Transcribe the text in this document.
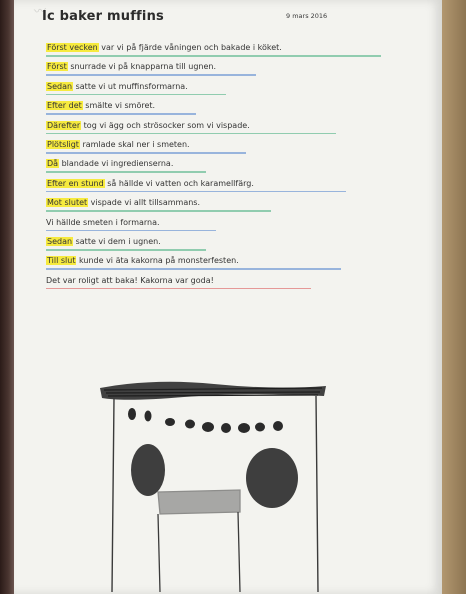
〰
Ic baker muffins	9 mars 2016
Först vecken var vi på fjärde våningen och bakade i köket.
Först snurrade vi på knapparna till ugnen.
Sedan satte vi ut muffinsformarna.
Efter det smälte vi smöret.
Därefter tog vi ägg och strösocker som vi vispade.
Plötsligt ramlade skal ner i smeten.
Då blandade vi ingredienserna.
Efter en stund så hällde vi vatten och karamellfärg.
Mot slutet vispade vi allt tillsammans.
Vi hällde smeten i formarna.
Sedan satte vi dem i ugnen.
Till slut kunde vi äta kakorna på monsterfesten.
Det var roligt att baka! Kakorna var goda!
